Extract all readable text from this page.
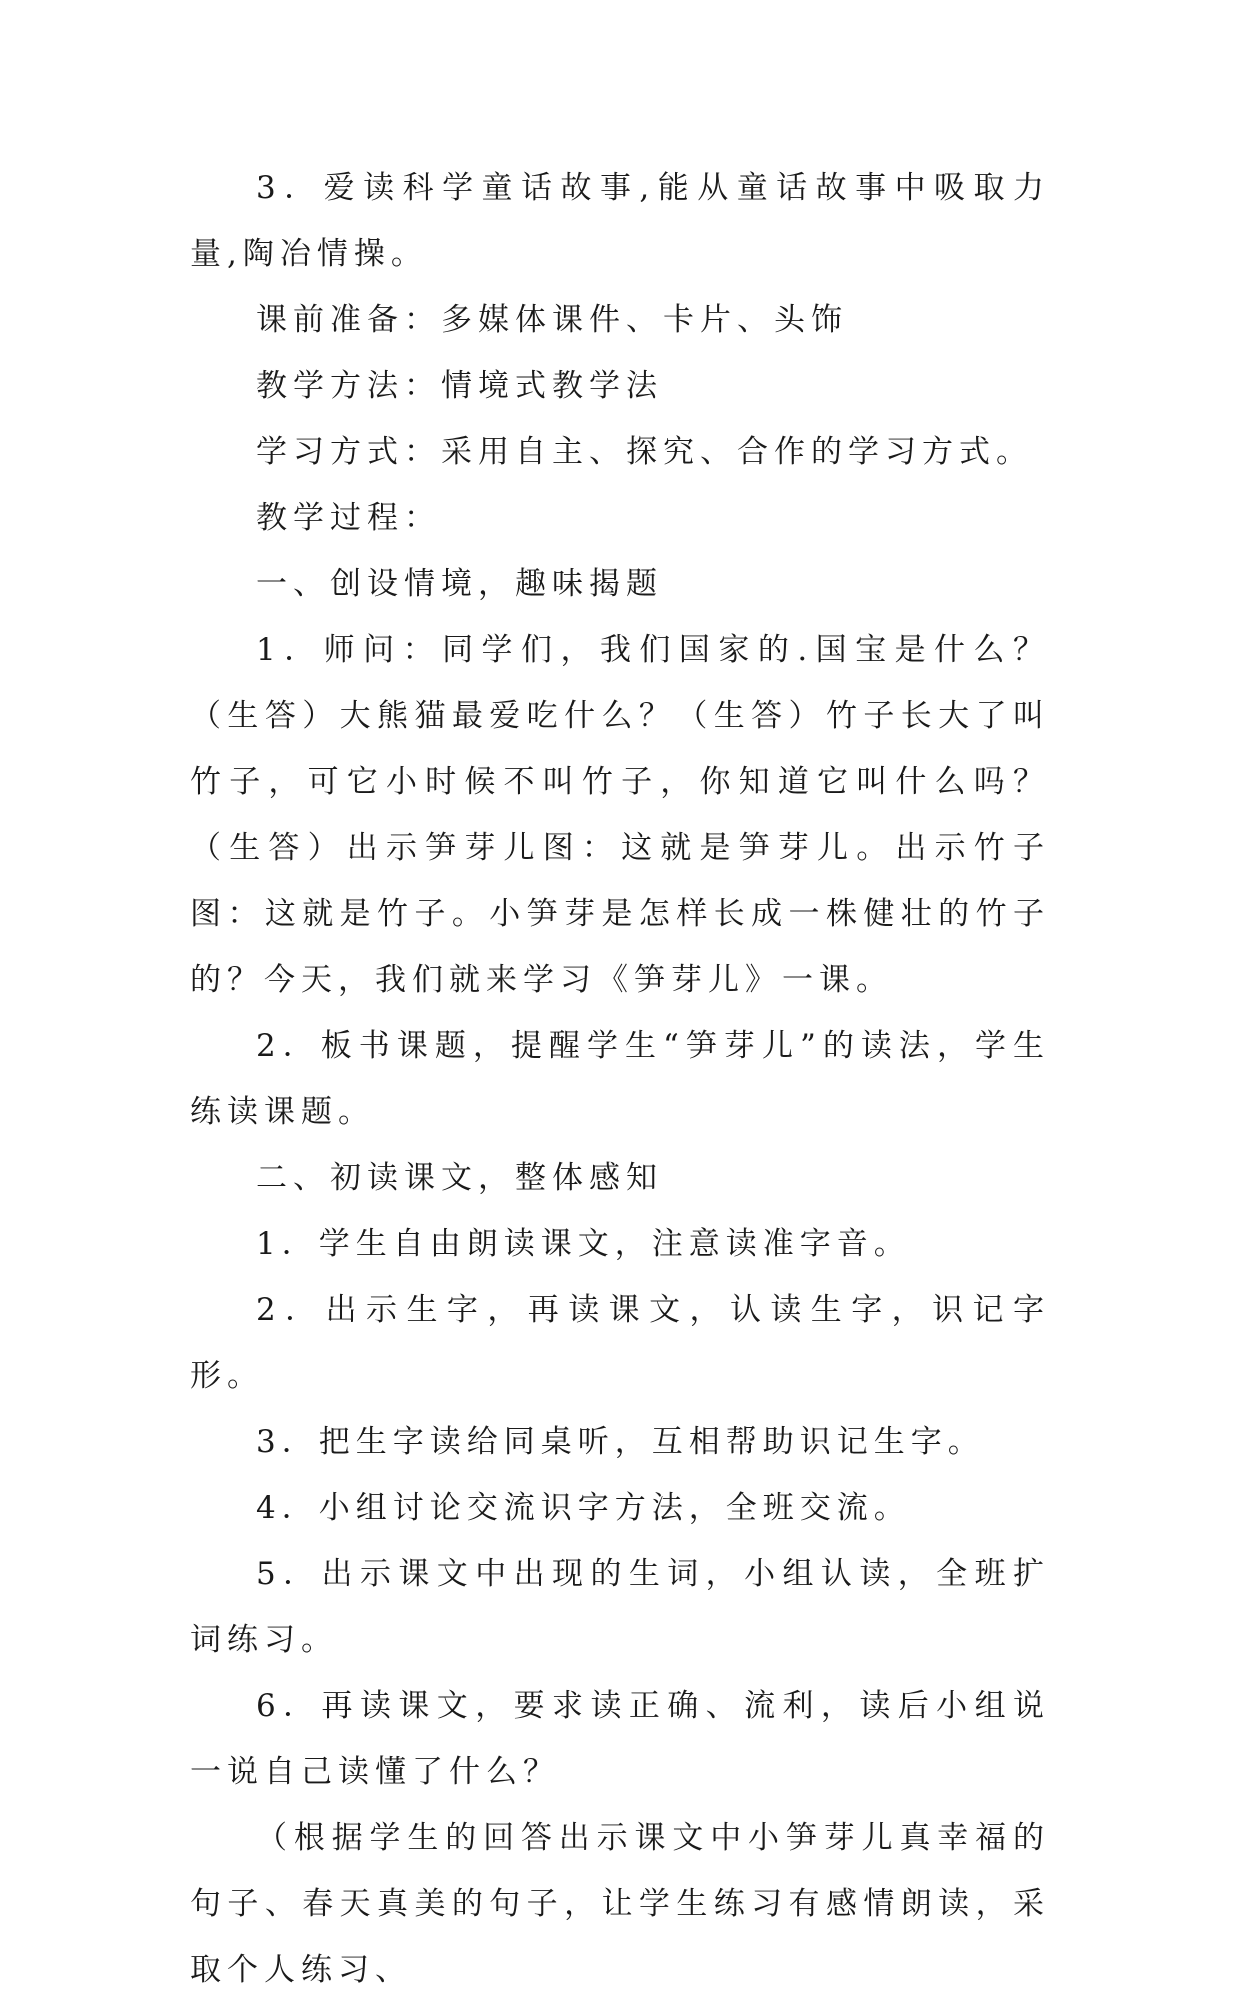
3．爱读科学童话故事,能从童话故事中吸取力量,陶冶情操。

课前准备：多媒体课件、卡片、头饰

教学方法：情境式教学法

学习方式：采用自主、探究、合作的学习方式。

教学过程：

一、创设情境，趣味揭题

1．师问：同学们，我们国家的.国宝是什么？（生答）大熊猫最爱吃什么？（生答）竹子长大了叫竹子，可它小时候不叫竹子，你知道它叫什么吗？（生答）出示笋芽儿图：这就是笋芽儿。出示竹子图：这就是竹子。小笋芽是怎样长成一株健壮的竹子的？今天，我们就来学习《笋芽儿》一课。

2．板书课题，提醒学生“笋芽儿”的读法，学生练读课题。

二、初读课文，整体感知

1．学生自由朗读课文，注意读准字音。

2．出示生字，再读课文，认读生字，识记字形。

3．把生字读给同桌听，互相帮助识记生字。

4．小组讨论交流识字方法，全班交流。

5．出示课文中出现的生词，小组认读，全班扩词练习。

6．再读课文，要求读正确、流利，读后小组说一说自己读懂了什么？

（根据学生的回答出示课文中小笋芽儿真幸福的句子、春天真美的句子，让学生练习有感情朗读，采取个人练习、
